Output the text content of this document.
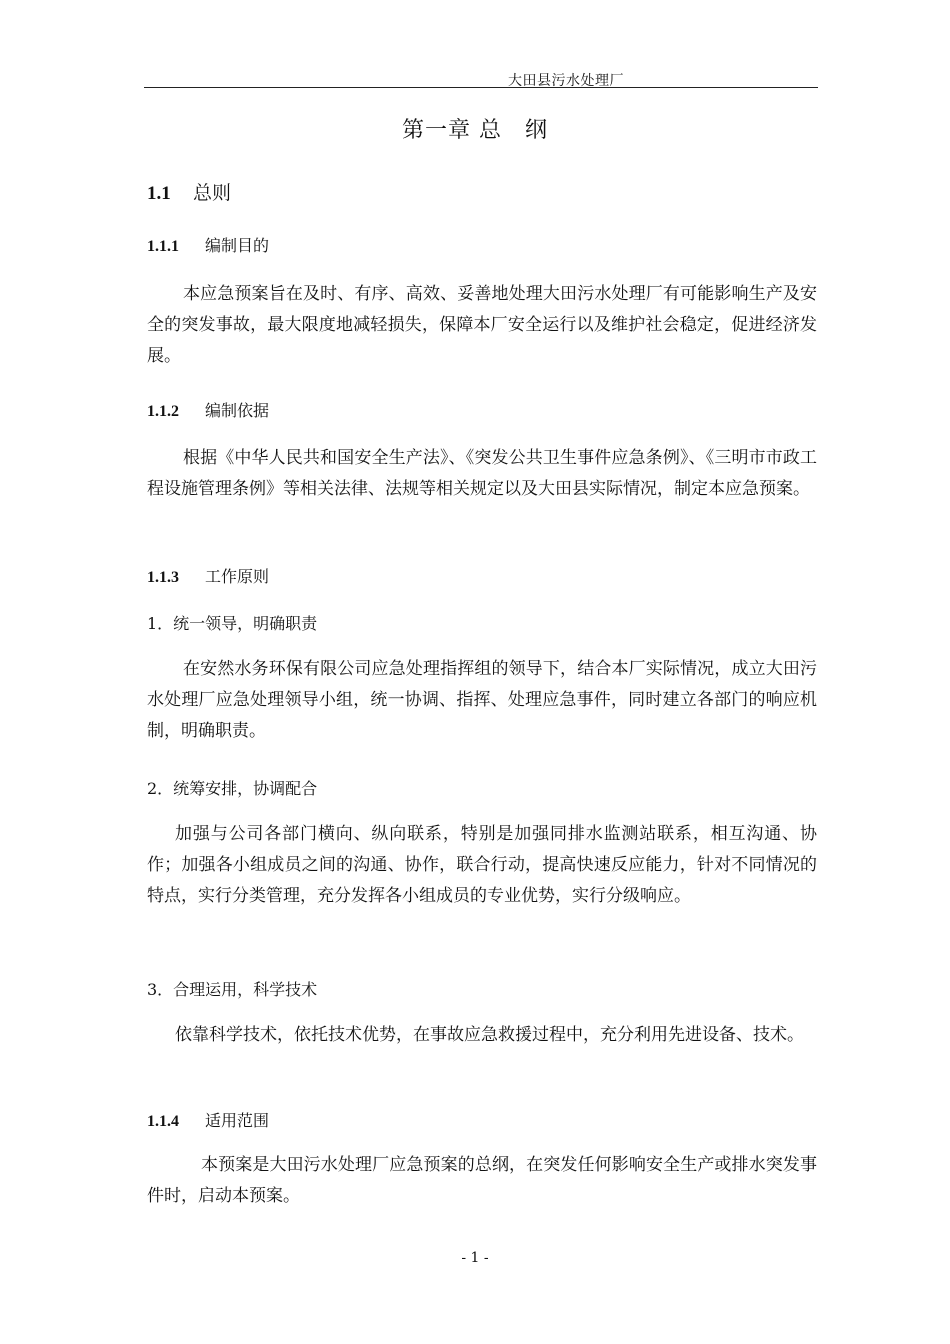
大田县污水处理厂
第一章 总　纲
1.1 总则
1.1.1 编制目的
本应急预案旨在及时、有序、高效、妥善地处理大田污水处理厂有可能影响生产及安全的突发事故，最大限度地减轻损失，保障本厂安全运行以及维护社会稳定，促进经济发展。
1.1.2 编制依据
根据《中华人民共和国安全生产法》、《突发公共卫生事件应急条例》、《三明市市政工程设施管理条例》等相关法律、法规等相关规定以及大田县实际情况，制定本应急预案。
1.1.3 工作原则
1．统一领导，明确职责
在安然水务环保有限公司应急处理指挥组的领导下，结合本厂实际情况，成立大田污水处理厂应急处理领导小组，统一协调、指挥、处理应急事件，同时建立各部门的响应机制，明确职责。
2．统筹安排，协调配合
加强与公司各部门横向、纵向联系，特别是加强同排水监测站联系，相互沟通、协作；加强各小组成员之间的沟通、协作，联合行动，提高快速反应能力，针对不同情况的特点，实行分类管理，充分发挥各小组成员的专业优势，实行分级响应。
3．合理运用，科学技术
依靠科学技术，依托技术优势，在事故应急救援过程中，充分利用先进设备、技术。
1.1.4 适用范围
本预案是大田污水处理厂应急预案的总纲，在突发任何影响安全生产或排水突发事件时，启动本预案。
- 1 -
